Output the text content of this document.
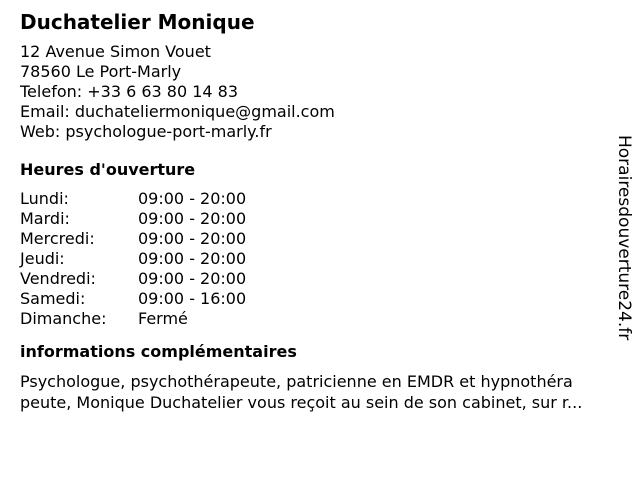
Duchatelier Monique
12 Avenue Simon Vouet
78560 Le Port-Marly
Telefon: +33 6 63 80 14 83
Email: duchateliermonique@gmail.com
Web: psychologue-port-marly.fr
Heures d'ouverture
Lundi:	09:00 - 20:00
Mardi:	09:00 - 20:00
Mercredi:	09:00 - 20:00
Jeudi:	09:00 - 20:00
Vendredi:	09:00 - 20:00
Samedi:	09:00 - 16:00
Dimanche:	Fermé
informations complémentaires
Psychologue, psychothérapeute, patricienne en EMDR et hypnothéra
peute, Monique Duchatelier vous reçoit au sein de son cabinet, sur r...
Horairesdouverture24.fr
